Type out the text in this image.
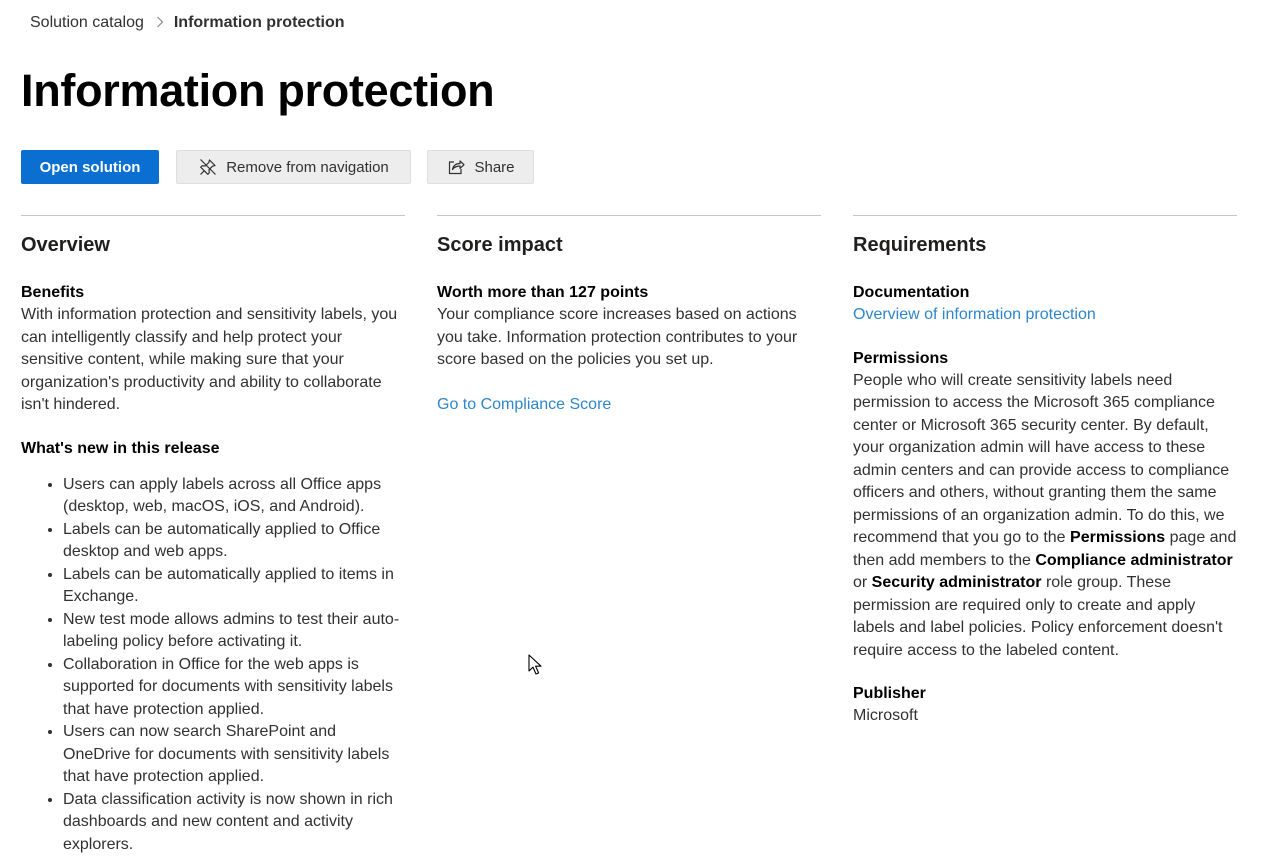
Solution catalog Information protection
Information protection
Open solution	Remove from navigation	Share
Overview
Benefits

With information protection and sensitivity labels, you can intelligently classify and help protect your sensitive content, while making sure that your organization's productivity and ability to collaborate isn't hindered.

What's new in this release
• Users can apply labels across all Office apps (desktop, web, macOS, iOS, and Android).
• Labels can be automatically applied to Office desktop and web apps.
• Labels can be automatically applied to items in Exchange.
• New test mode allows admins to test their auto-labeling policy before activating it.
• Collaboration in Office for the web apps is supported for documents with sensitivity labels that have protection applied.
• Users can now search SharePoint and OneDrive for documents with sensitivity labels that have protection applied.
• Data classification activity is now shown in rich dashboards and new content and activity explorers.
Score impact
Worth more than 127 points

Your compliance score increases based on actions you take. Information protection contributes to your score based on the policies you set up.

Go to Compliance Score
Requirements
Documentation
Overview of information protection
Permissions

People who will create sensitivity labels need permission to access the Microsoft 365 compliance center or Microsoft 365 security center. By default, your organization admin will have access to these admin centers and can provide access to compliance officers and others, without granting them the same permissions of an organization admin. To do this, we recommend that you go to the Permissions page and then add members to the Compliance administrator or Security administrator role group. These permission are required only to create and apply labels and label policies. Policy enforcement doesn't require access to the labeled content.

Publisher

Microsoft
